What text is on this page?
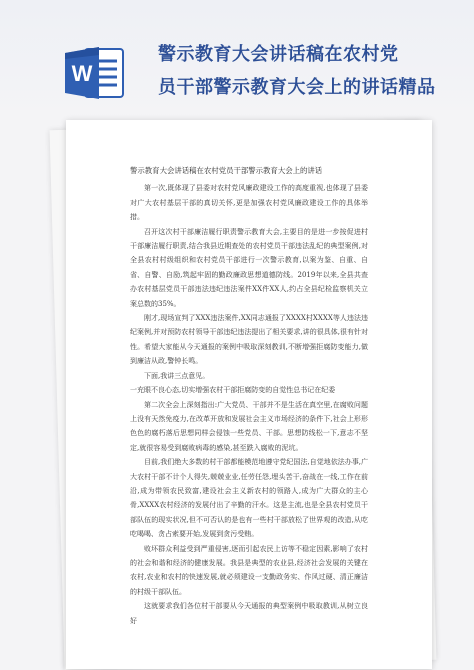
W
警示教育大会讲话稿在农村党
员干部警示教育大会上的讲话精品
警示教育大会讲话稿在农村党员干部警示教育大会上的讲话

第一次,既体现了县委对农村党风廉政建设工作的高度重视,也体现了县委对广大农村基层干部的真切关怀,更是加强农村党风廉政建设工作的具体举措。

召开这次村干部廉洁履行职责警示教育大会,主要目的是进一步按促进村干部廉洁履行职责,结合我县近期查处的农村党员干部违法乱纪的典型案例,对全县农村村级组织和农村党员干部进行一次警示教育,以案为鉴、自重、自省、自警、自励,筑起牢固的勤政廉政思想道德防线。2019年以来,全县共查办农村基层党员干部违法违纪违法案件XX件XX人,约占全县纪检监察机关立案总数的35%。

刚才,现场宣判了XXX违法案件,XX同志通报了XXXX村XXXX等人违法违纪案例,并对预防农村领导干部违纪违法提出了相关要求,讲的很具体,很有针对性。希望大家能从今天通报的案例中吸取深刻教训,不断增强拒腐防变能力,做到廉洁从政,警钟长鸣。

下面,我讲三点意见。

一充眼不良心态,切实增强农村干部拒腐防变的自觉性总书记在纪委

第二次全会上深刻指出:广大党员、干部并不是生活在真空里,在腐败问题上没有天然免疫力,在改革开放和发展社会主义市场经济的条件下,社会上形形色色的腐朽落后思想同样会侵蚀一些党员、干部。思想防线松一下,意志不坚定,就很容易受到腐败病毒的感染,甚至跌入腐败的泥坑。

目前,我们绝大多数的村干部都能模范地遵守党纪国法,自觉地依法办事,广大农村干部不计个人得失,兢兢业业,任劳任怨,埋头苦干,奋战在一线,工作在前沿,成为带领农民致富,建设社会主义新农村的领路人,成为广大群众的主心骨,XXXX农村经济的发展付出了辛勤的汗水。这是主流,也是全县农村党员干部队伍的现实状况,但不可否认的是也有一些村干部放松了世界观的改造,从吃吃喝喝、贪占索要开始,发展到贪污受贿。

败坏群众利益受到严重侵害,逐而引起农民上访等不稳定因素,影响了农村的社会和谐和经济的健康发展。我县是典型的农业县,经济社会发展的关键在农村,农业和农村的快速发展,就必须建设一支勤政务实、作风过硬、清正廉洁的村级干部队伍。

这就要求我们各位村干部要从今天通报的典型案例中吸取教训,从树立良好
